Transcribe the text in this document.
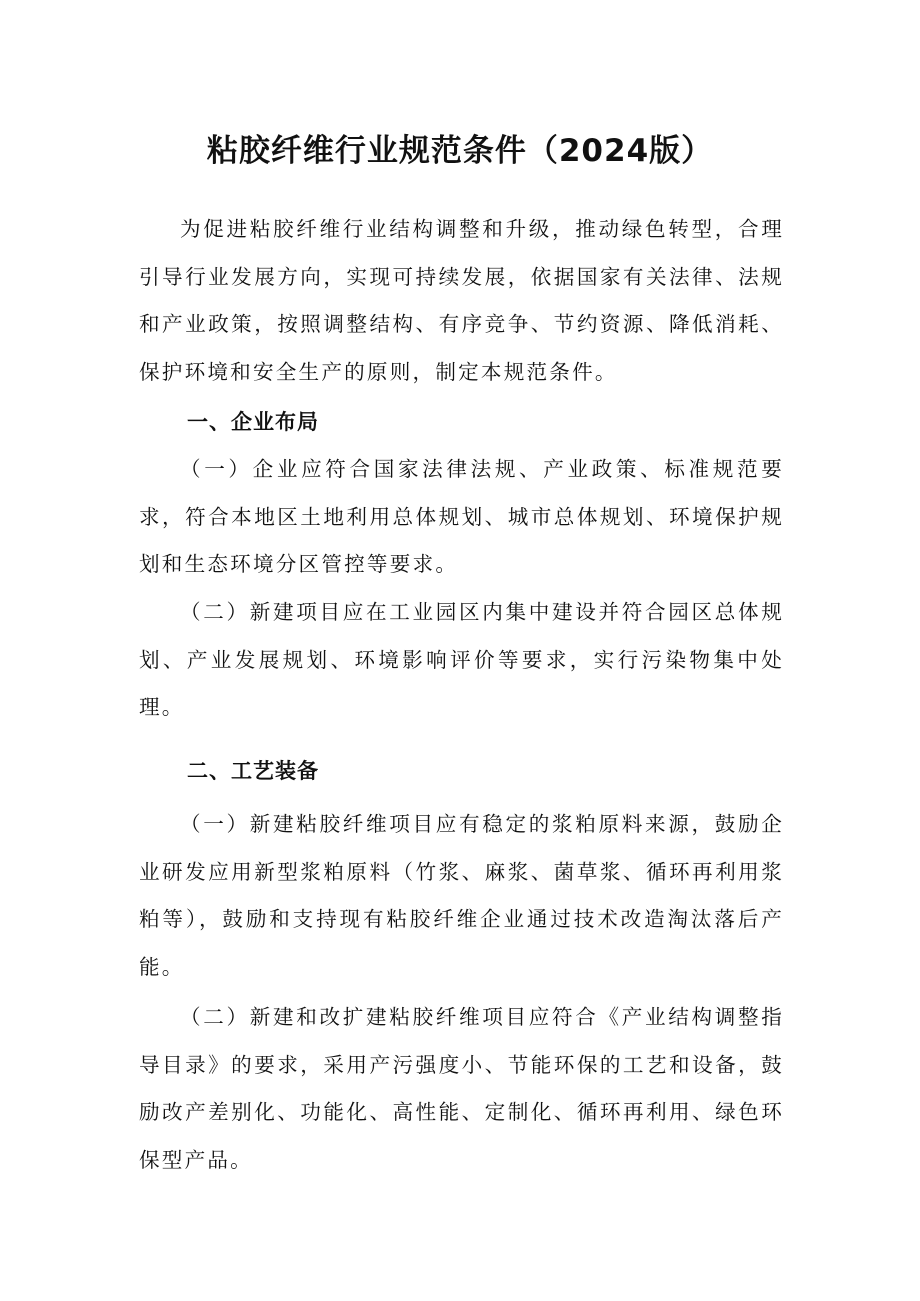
粘胶纤维行业规范条件（2024版）

为促进粘胶纤维行业结构调整和升级，推动绿色转型，合理引导行业发展方向，实现可持续发展，依据国家有关法律、法规和产业政策，按照调整结构、有序竞争、节约资源、降低消耗、保护环境和安全生产的原则，制定本规范条件。

一、企业布局

（一）企业应符合国家法律法规、产业政策、标准规范要求，符合本地区土地利用总体规划、城市总体规划、环境保护规划和生态环境分区管控等要求。

（二）新建项目应在工业园区内集中建设并符合园区总体规划、产业发展规划、环境影响评价等要求，实行污染物集中处理。

二、工艺装备

（一）新建粘胶纤维项目应有稳定的浆粕原料来源，鼓励企业研发应用新型浆粕原料（竹浆、麻浆、菌草浆、循环再利用浆粕等），鼓励和支持现有粘胶纤维企业通过技术改造淘汰落后产能。

（二）新建和改扩建粘胶纤维项目应符合《产业结构调整指导目录》的要求，采用产污强度小、节能环保的工艺和设备，鼓励改产差别化、功能化、高性能、定制化、循环再利用、绿色环保型产品。
